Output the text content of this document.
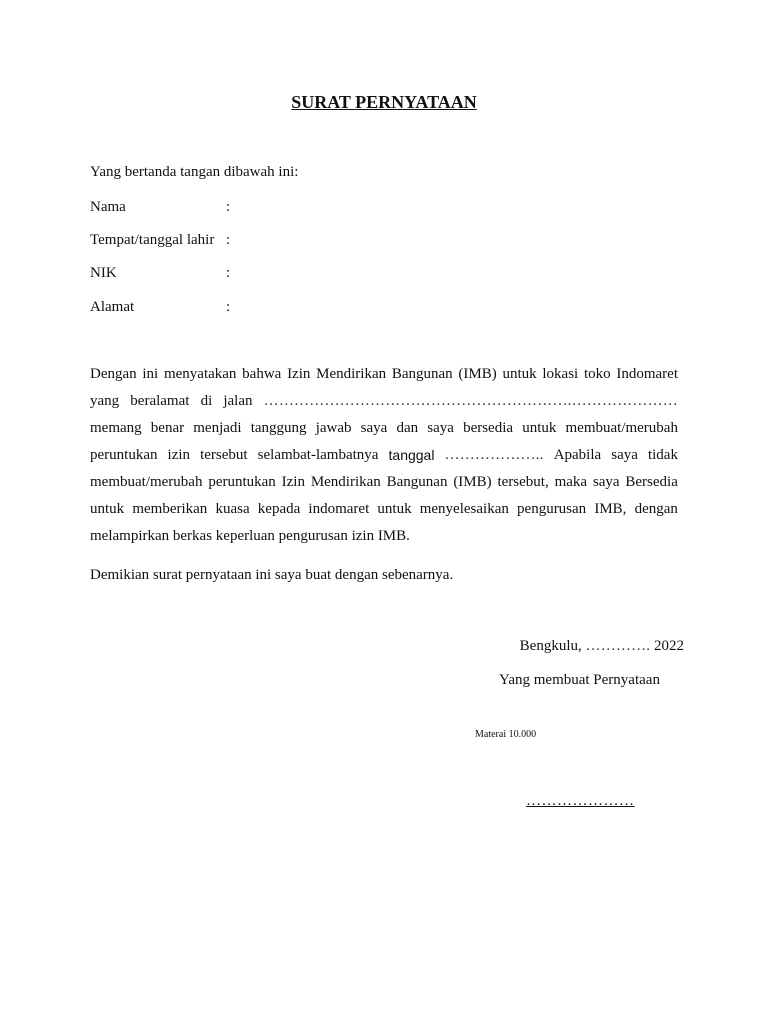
SURAT PERNYATAAN
Yang bertanda tangan dibawah ini:
Nama	:
Tempat/tanggal lahir :
NIK	:
Alamat	:
Dengan ini menyatakan bahwa Izin Mendirikan Bangunan (IMB) untuk lokasi toko Indomaret
yang beralamat di jalan …………………………………………………….…………………
memang benar menjadi tanggung jawab saya dan saya bersedia untuk membuat/merubah
peruntukan izin tersebut selambat-lambatnya tanggal ……………….. Apabila saya tidak
membuat/merubah peruntukan Izin Mendirikan Bangunan (IMB) tersebut, maka saya Bersedia
untuk memberikan kuasa kepada indomaret untuk menyelesaikan pengurusan IMB, dengan
melampirkan berkas keperluan pengurusan izin IMB.
Demikian surat pernyataan ini saya buat dengan sebenarnya.
Bengkulu, …………. 2022
Yang membuat Pernyataan
Materai 10.000
…………………
